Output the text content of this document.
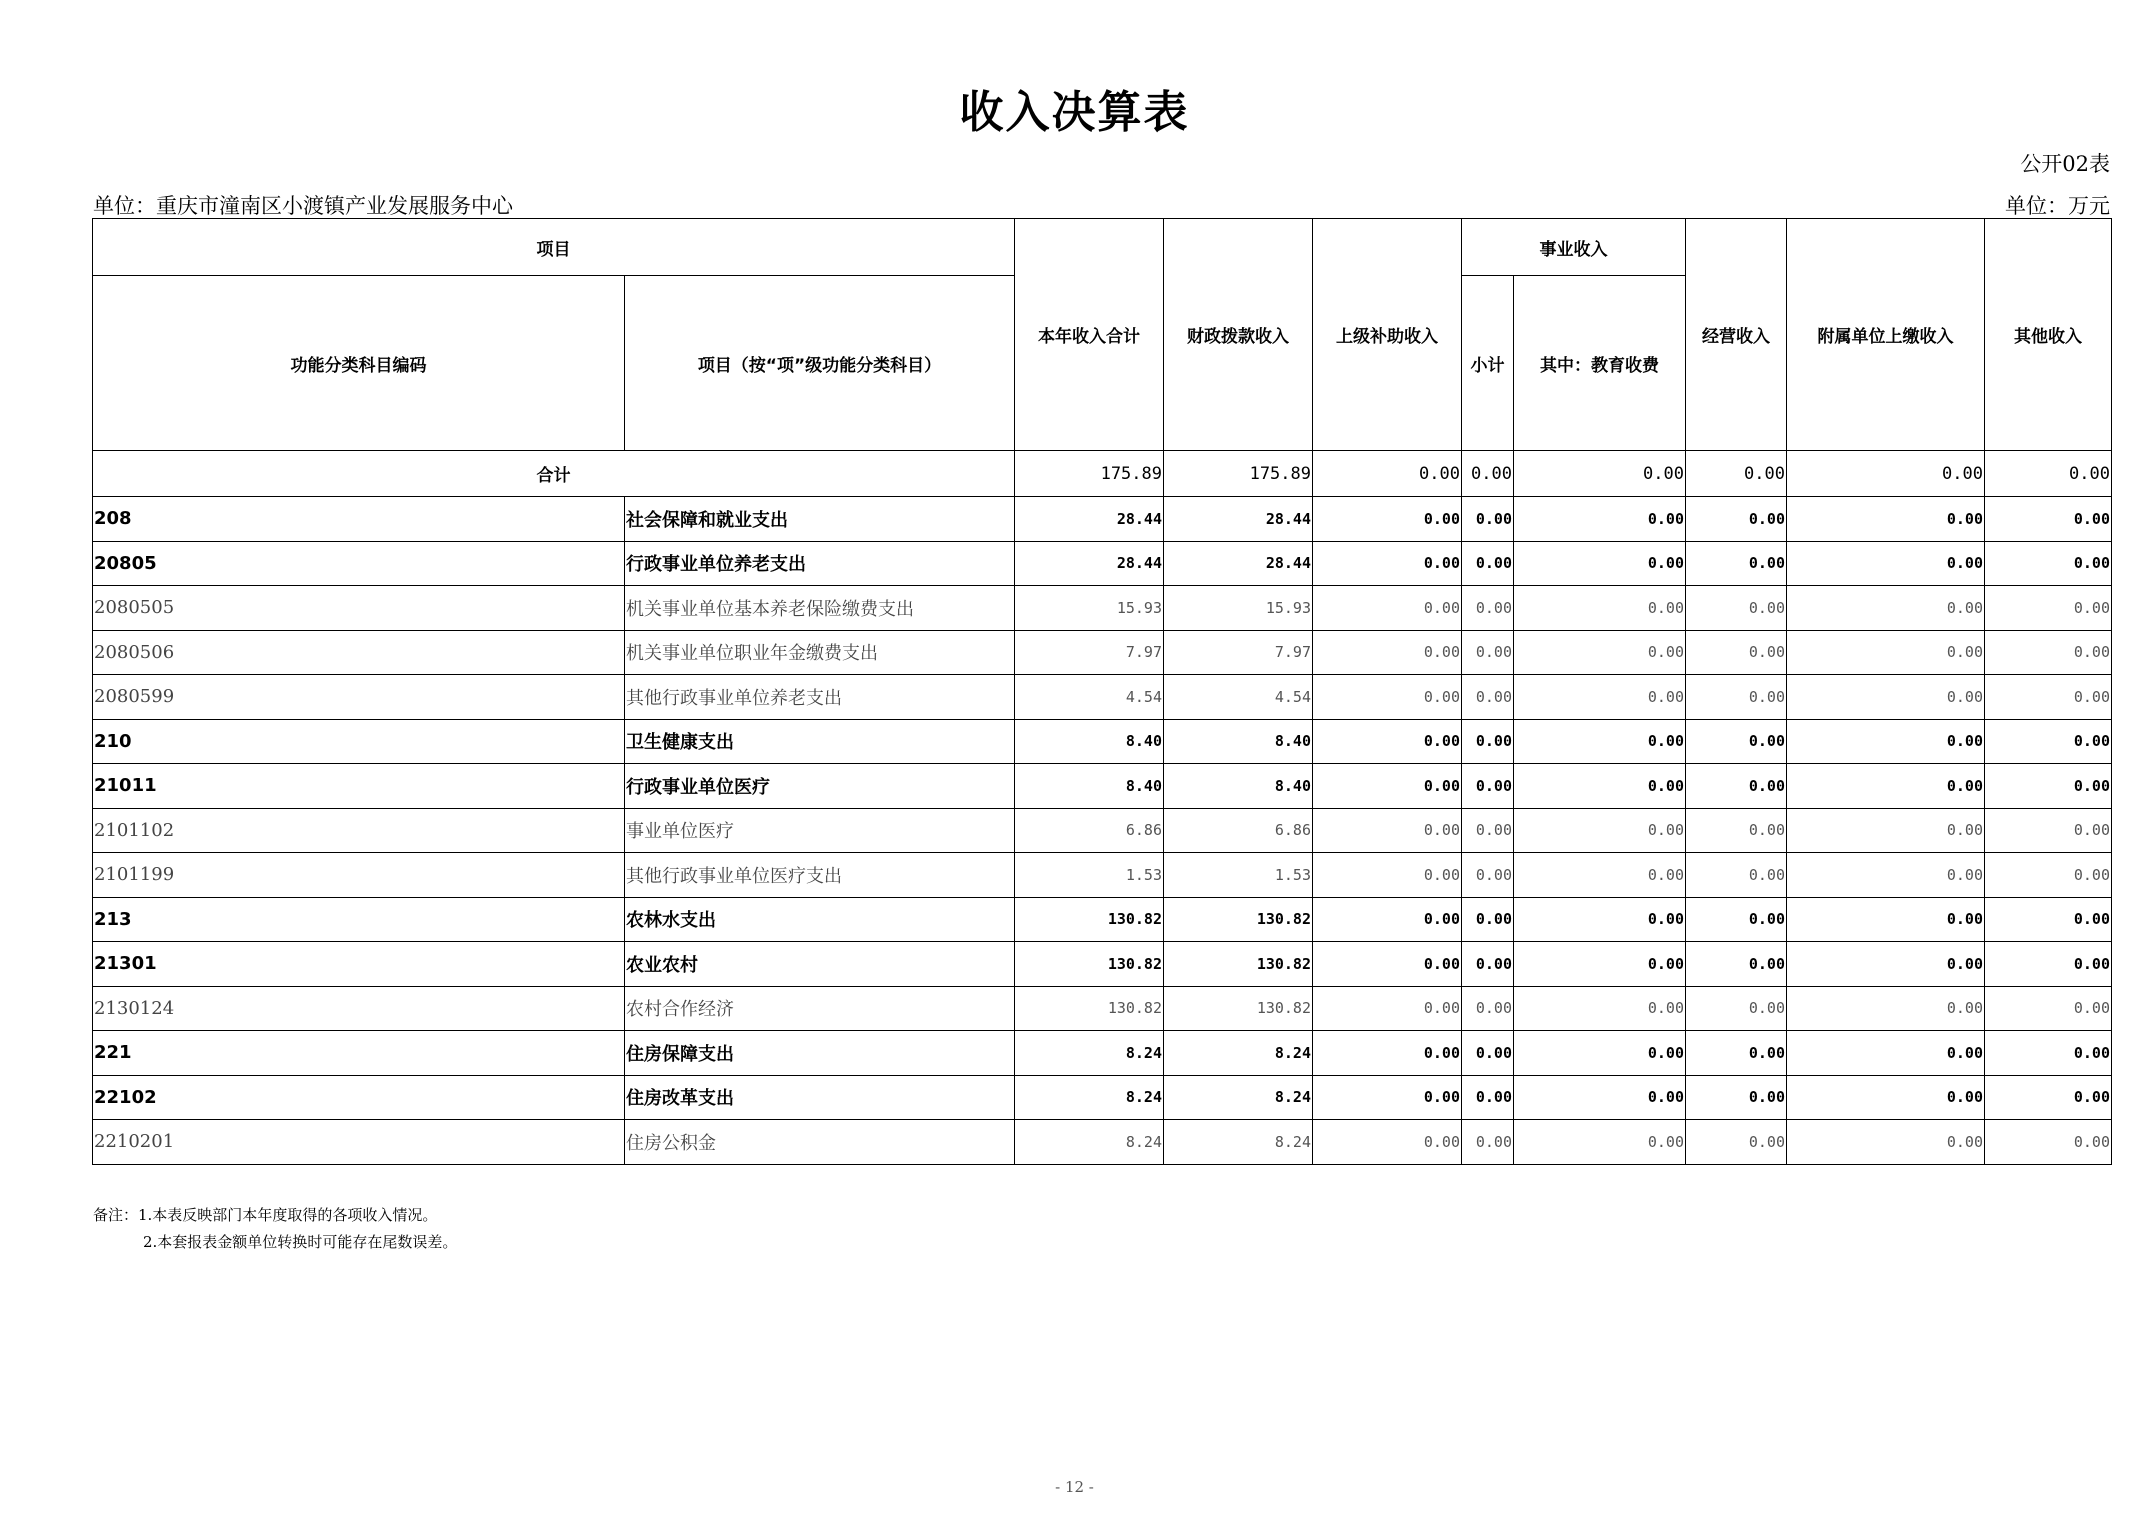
收入决算表
公开02表
单位：重庆市潼南区小渡镇产业发展服务中心	单位：万元
项目		本年收入合计	财政拨款收入	上级补助收入	事业收入		经营收入	附属单位上缴收入	其他收入
功能分类科目编码	项目（按“项”级功能分类科目）				小计	其中：教育收费			
合计		175.89	175.89	0.00	0.00	0.00	0.00	0.00	0.00
208	社会保障和就业支出	28.44	28.44	0.00	0.00	0.00	0.00	0.00	0.00
20805	行政事业单位养老支出	28.44	28.44	0.00	0.00	0.00	0.00	0.00	0.00
2080505	机关事业单位基本养老保险缴费支出	15.93	15.93	0.00	0.00	0.00	0.00	0.00	0.00
2080506	机关事业单位职业年金缴费支出	7.97	7.97	0.00	0.00	0.00	0.00	0.00	0.00
2080599	其他行政事业单位养老支出	4.54	4.54	0.00	0.00	0.00	0.00	0.00	0.00
210	卫生健康支出	8.40	8.40	0.00	0.00	0.00	0.00	0.00	0.00
21011	行政事业单位医疗	8.40	8.40	0.00	0.00	0.00	0.00	0.00	0.00
2101102	事业单位医疗	6.86	6.86	0.00	0.00	0.00	0.00	0.00	0.00
2101199	其他行政事业单位医疗支出	1.53	1.53	0.00	0.00	0.00	0.00	0.00	0.00
213	农林水支出	130.82	130.82	0.00	0.00	0.00	0.00	0.00	0.00
21301	农业农村	130.82	130.82	0.00	0.00	0.00	0.00	0.00	0.00
2130124	农村合作经济	130.82	130.82	0.00	0.00	0.00	0.00	0.00	0.00
221	住房保障支出	8.24	8.24	0.00	0.00	0.00	0.00	0.00	0.00
22102	住房改革支出	8.24	8.24	0.00	0.00	0.00	0.00	0.00	0.00
2210201	住房公积金	8.24	8.24	0.00	0.00	0.00	0.00	0.00	0.00
备注：1.本表反映部门本年度取得的各项收入情况。
2.本套报表金额单位转换时可能存在尾数误差。
- 12 -
